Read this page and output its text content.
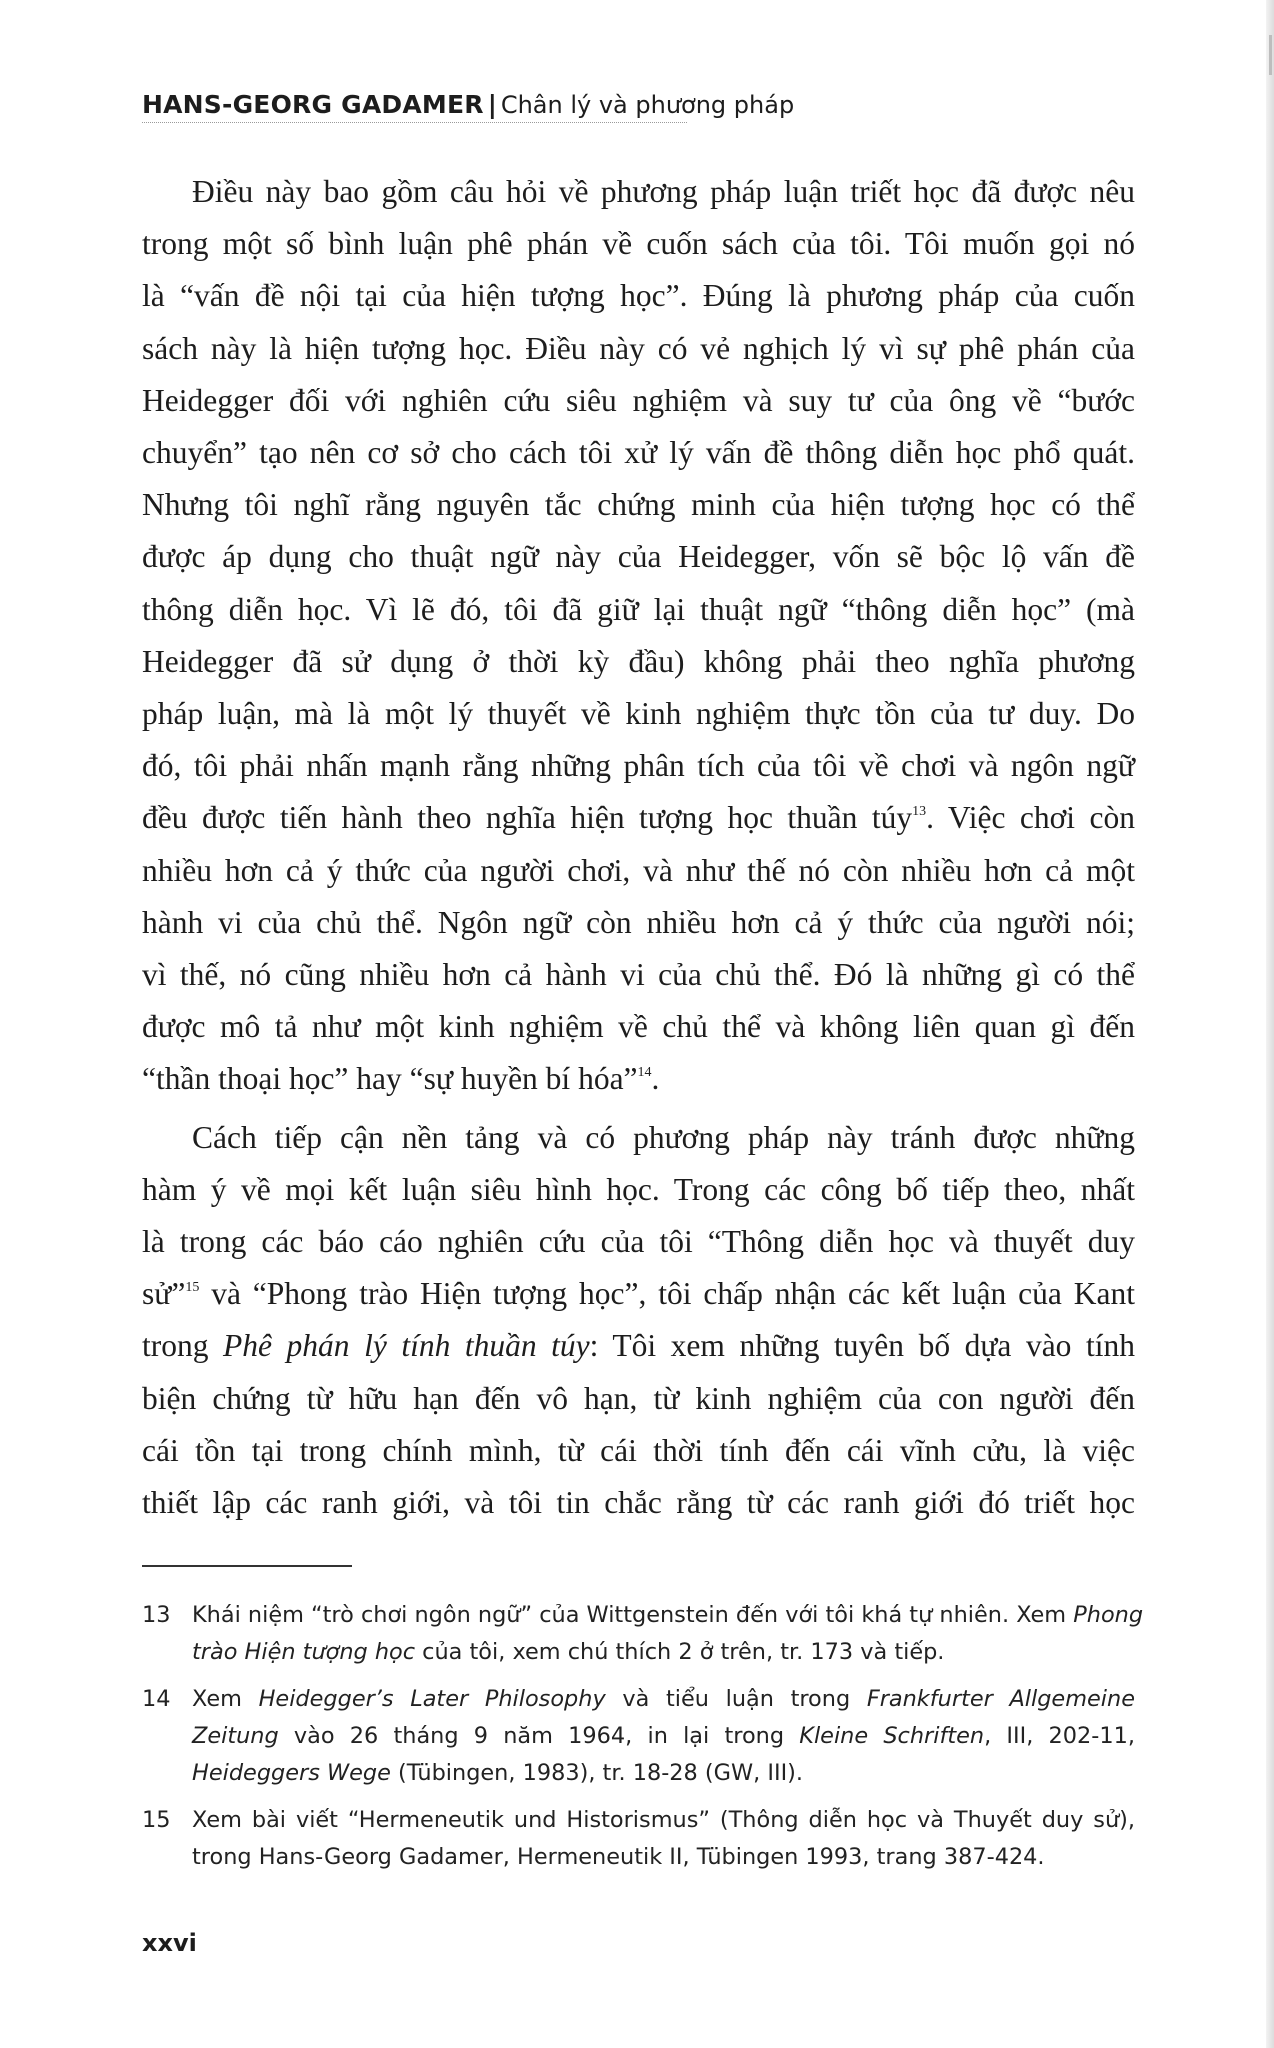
HANS-GEORG GADAMER | Chân lý và phương pháp
Điều này bao gồm câu hỏi về phương pháp luận triết học đã được nêu
trong một số bình luận phê phán về cuốn sách của tôi. Tôi muốn gọi nó
là “vấn đề nội tại của hiện tượng học”. Đúng là phương pháp của cuốn
sách này là hiện tượng học. Điều này có vẻ nghịch lý vì sự phê phán của
Heidegger đối với nghiên cứu siêu nghiệm và suy tư của ông về “bước
chuyển” tạo nên cơ sở cho cách tôi xử lý vấn đề thông diễn học phổ quát.
Nhưng tôi nghĩ rằng nguyên tắc chứng minh của hiện tượng học có thể
được áp dụng cho thuật ngữ này của Heidegger, vốn sẽ bộc lộ vấn đề
thông diễn học. Vì lẽ đó, tôi đã giữ lại thuật ngữ “thông diễn học” (mà
Heidegger đã sử dụng ở thời kỳ đầu) không phải theo nghĩa phương
pháp luận, mà là một lý thuyết về kinh nghiệm thực tồn của tư duy. Do
đó, tôi phải nhấn mạnh rằng những phân tích của tôi về chơi và ngôn ngữ
đều được tiến hành theo nghĩa hiện tượng học thuần túy$^{13}$. Việc chơi còn
nhiều hơn cả ý thức của người chơi, và như thế nó còn nhiều hơn cả một
hành vi của chủ thể. Ngôn ngữ còn nhiều hơn cả ý thức của người nói;
vì thế, nó cũng nhiều hơn cả hành vi của chủ thể. Đó là những gì có thể
được mô tả như một kinh nghiệm về chủ thể và không liên quan gì đến
“thần thoại học” hay “sự huyền bí hóa”$^{14}$.
Cách tiếp cận nền tảng và có phương pháp này tránh được những
hàm ý về mọi kết luận siêu hình học. Trong các công bố tiếp theo, nhất
là trong các báo cáo nghiên cứu của tôi “Thông diễn học và thuyết duy
sử”$^{15}$ và “Phong trào Hiện tượng học”, tôi chấp nhận các kết luận của Kant
trong Phê phán lý tính thuần túy: Tôi xem những tuyên bố dựa vào tính
biện chứng từ hữu hạn đến vô hạn, từ kinh nghiệm của con người đến
cái tồn tại trong chính mình, từ cái thời tính đến cái vĩnh cửu, là việc
thiết lập các ranh giới, và tôi tin chắc rằng từ các ranh giới đó triết học
13 Khái niệm “trò chơi ngôn ngữ” của Wittgenstein đến với tôi khá tự nhiên. Xem Phong
trào Hiện tượng học của tôi, xem chú thích 2 ở trên, tr. 173 và tiếp.
14 Xem Heidegger’s Later Philosophy và tiểu luận trong Frankfurter Allgemeine
Zeitung vào 26 tháng 9 năm 1964, in lại trong Kleine Schriften, III, 202-11,
Heideggers Wege (Tübingen, 1983), tr. 18-28 (GW, III).
15 Xem bài viết “Hermeneutik und Historismus” (Thông diễn học và Thuyết duy sử),
trong Hans-Georg Gadamer, Hermeneutik II, Tübingen 1993, trang 387-424.
xxvi
